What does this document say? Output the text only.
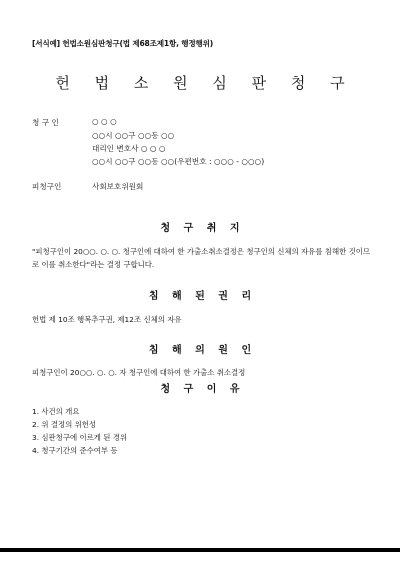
[서식예] 헌법소원심판청구(법 제68조제1항, 행정행위)
헌 법 소 원 심 판 청 구
청 구 인	○ ○ ○
○○시 ○○구 ○○동 ○○
대리인 변호사 ○ ○ ○
○○시 ○○구 ○○동 ○○(우편번호 : ○○○ - ○○○)
피청구인	사회보호위원회
청 구 취 지
"피청구인이 20○○. ○. ○. 청구인에 대하여 한 가출소취소결정은 청구인의 신체의 자유를 침해한 것이므로 이를 취소한다"라는 결정 구합니다.
침 해 된 권 리
헌법 제 10조 행복추구권, 제12조 신체의 자유
침 해 의 원 인
피청구인이 20○○. ○. ○. 자 청구인에 대하여 한 가출소 취소결정
청 구 이 유
1. 사건의 개요
2. 위 결정의 위헌성
3. 심판청구에 이르게 된 경위
4. 청구기간의 준수여부 등
